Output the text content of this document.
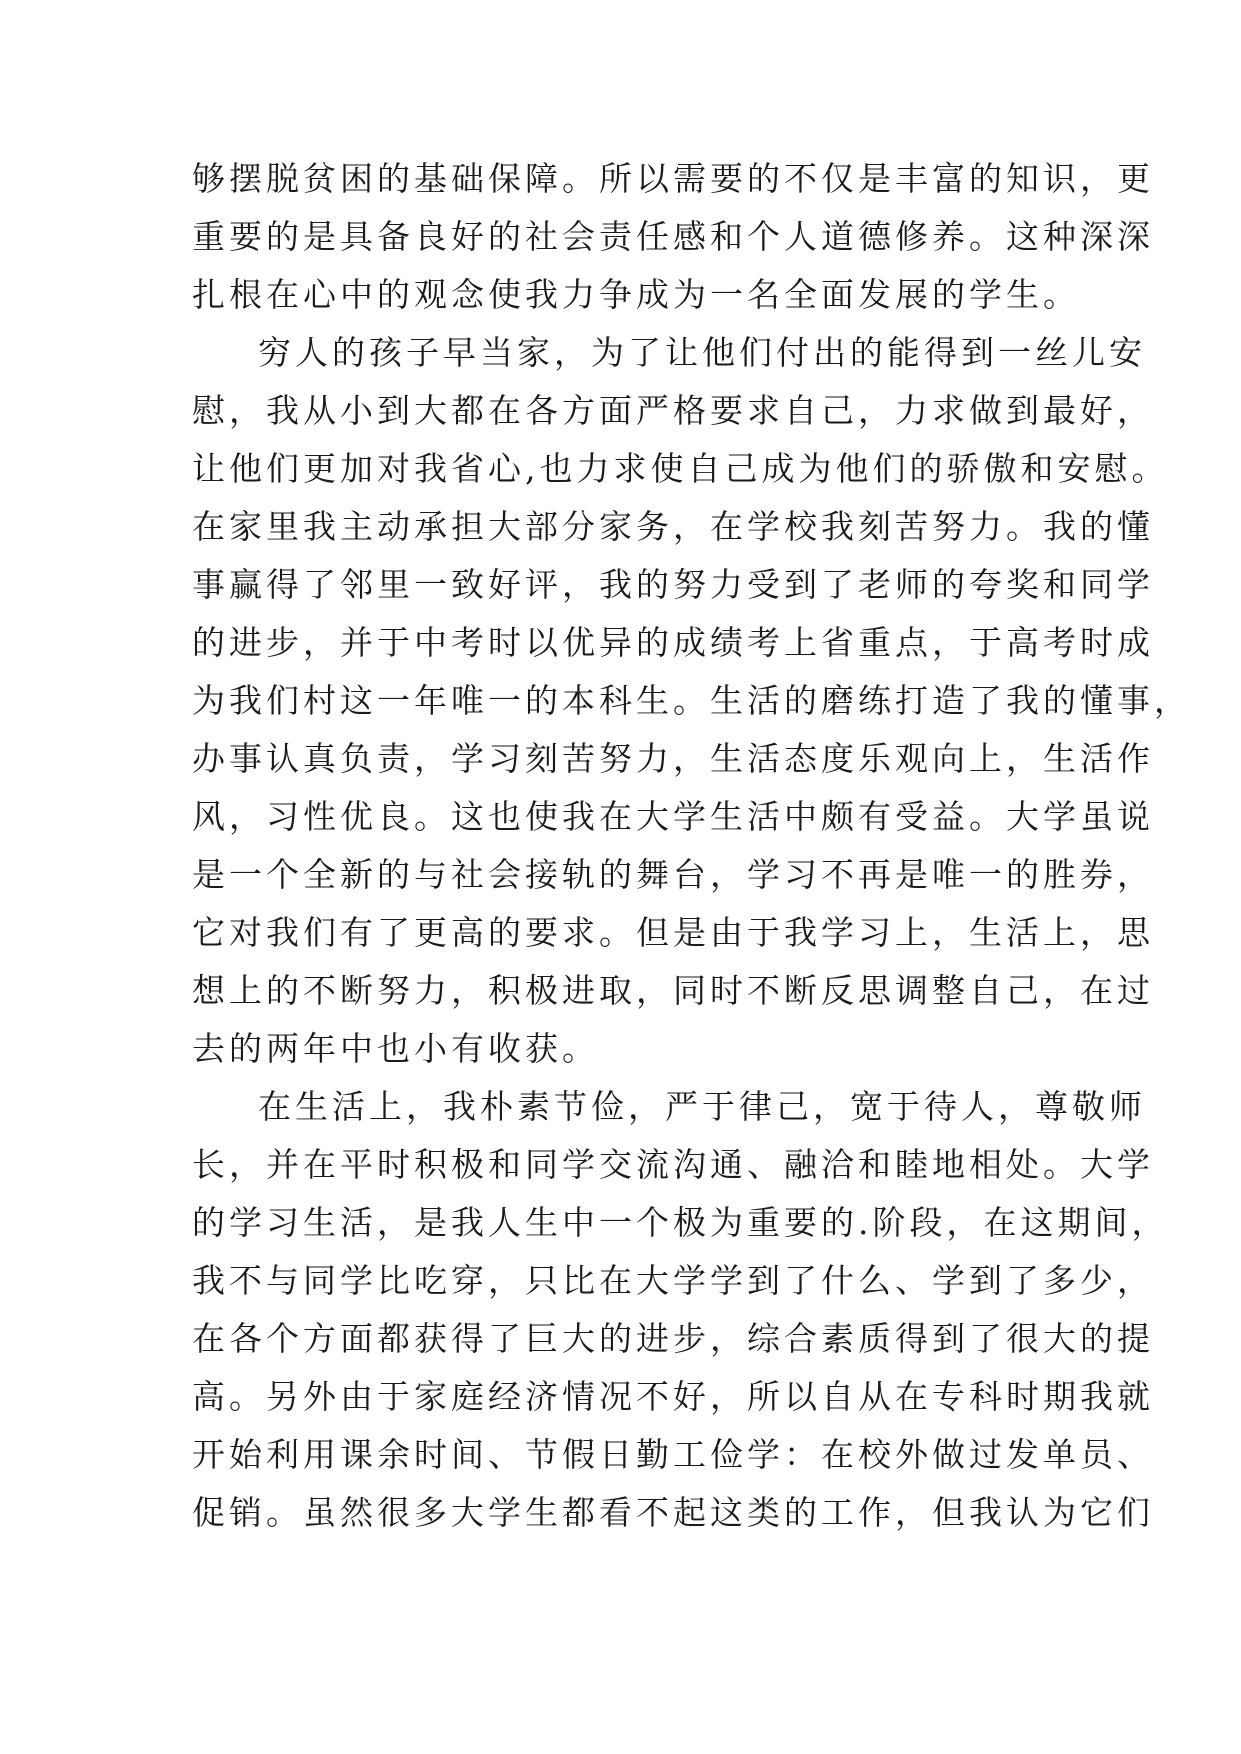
够摆脱贫困的基础保障。所以需要的不仅是丰富的知识，更
重要的是具备良好的社会责任感和个人道德修养。这种深深
扎根在心中的观念使我力争成为一名全面发展的学生。
穷人的孩子早当家，为了让他们付出的能得到一丝儿安
慰，我从小到大都在各方面严格要求自己，力求做到最好，
让他们更加对我省心,也力求使自己成为他们的骄傲和安慰。
在家里我主动承担大部分家务，在学校我刻苦努力。我的懂
事赢得了邻里一致好评，我的努力受到了老师的夸奖和同学
的进步，并于中考时以优异的成绩考上省重点，于高考时成
为我们村这一年唯一的本科生。生活的磨练打造了我的懂事，
办事认真负责，学习刻苦努力，生活态度乐观向上，生活作
风，习性优良。这也使我在大学生活中颇有受益。大学虽说
是一个全新的与社会接轨的舞台，学习不再是唯一的胜券，
它对我们有了更高的要求。但是由于我学习上，生活上，思
想上的不断努力，积极进取，同时不断反思调整自己，在过
去的两年中也小有收获。
在生活上，我朴素节俭，严于律己，宽于待人，尊敬师
长，并在平时积极和同学交流沟通、融洽和睦地相处。大学
的学习生活，是我人生中一个极为重要的.阶段，在这期间，
我不与同学比吃穿，只比在大学学到了什么、学到了多少，
在各个方面都获得了巨大的进步，综合素质得到了很大的提
高。另外由于家庭经济情况不好，所以自从在专科时期我就
开始利用课余时间、节假日勤工俭学：在校外做过发单员、
促销。虽然很多大学生都看不起这类的工作，但我认为它们
